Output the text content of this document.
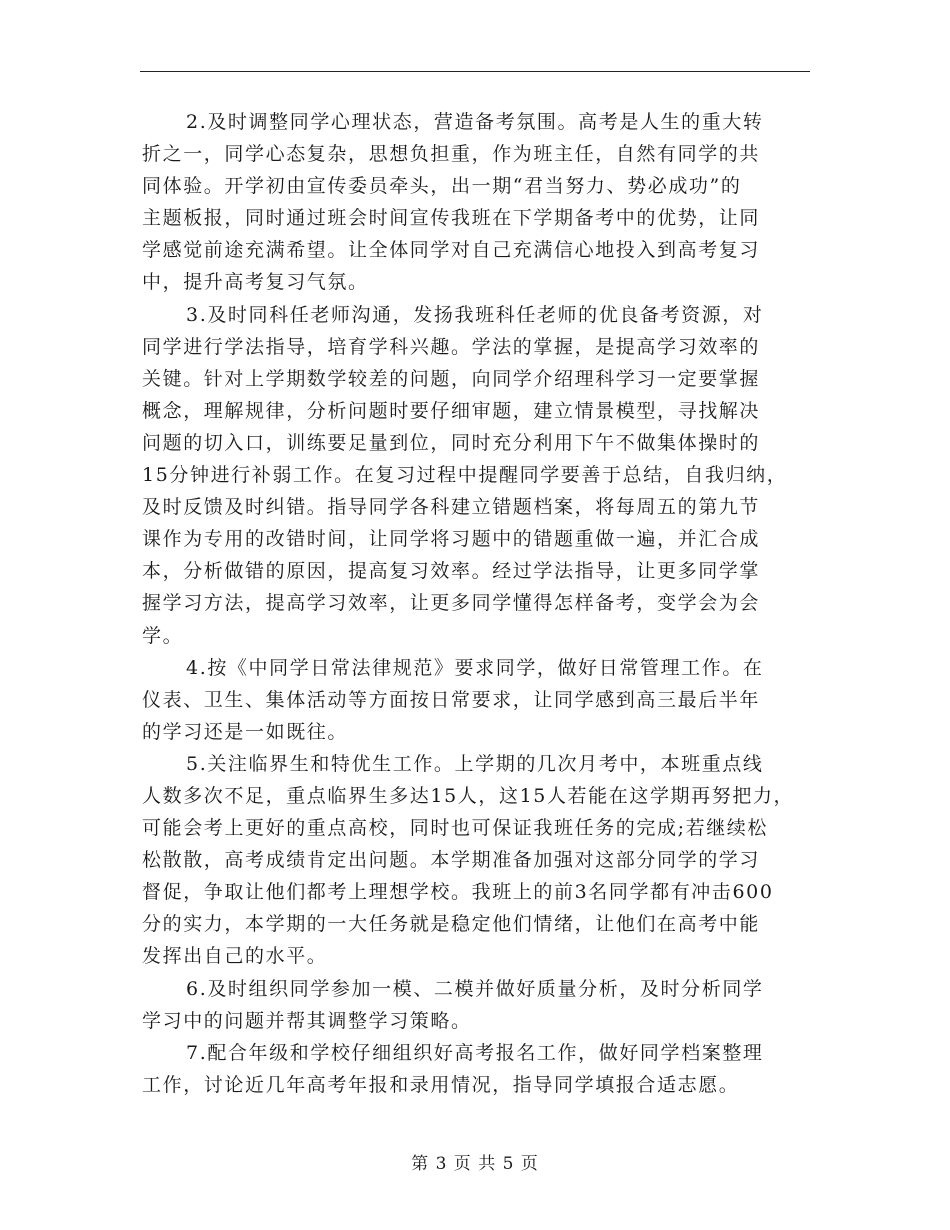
2.及时调整同学心理状态，营造备考氛围。高考是人生的重大转
折之一，同学心态复杂，思想负担重，作为班主任，自然有同学的共
同体验。开学初由宣传委员牵头，出一期“君当努力、势必成功”的
主题板报，同时通过班会时间宣传我班在下学期备考中的优势，让同
学感觉前途充满希望。让全体同学对自己充满信心地投入到高考复习
中，提升高考复习气氛。
3.及时同科任老师沟通，发扬我班科任老师的优良备考资源，对
同学进行学法指导，培育学科兴趣。学法的掌握，是提高学习效率的
关键。针对上学期数学较差的问题，向同学介绍理科学习一定要掌握
概念，理解规律，分析问题时要仔细审题，建立情景模型，寻找解决
问题的切入口，训练要足量到位，同时充分利用下午不做集体操时的
15分钟进行补弱工作。在复习过程中提醒同学要善于总结，自我归纳，
及时反馈及时纠错。指导同学各科建立错题档案，将每周五的第九节
课作为专用的改错时间，让同学将习题中的错题重做一遍，并汇合成
本，分析做错的原因，提高复习效率。经过学法指导，让更多同学掌
握学习方法，提高学习效率，让更多同学懂得怎样备考，变学会为会
学。
4.按《中同学日常法律规范》要求同学，做好日常管理工作。在
仪表、卫生、集体活动等方面按日常要求，让同学感到高三最后半年
的学习还是一如既往。
5.关注临界生和特优生工作。上学期的几次月考中，本班重点线
人数多次不足，重点临界生多达15人，这15人若能在这学期再努把力，
可能会考上更好的重点高校，同时也可保证我班任务的完成;若继续松
松散散，高考成绩肯定出问题。本学期准备加强对这部分同学的学习
督促，争取让他们都考上理想学校。我班上的前3名同学都有冲击600
分的实力，本学期的一大任务就是稳定他们情绪，让他们在高考中能
发挥出自己的水平。
6.及时组织同学参加一模、二模并做好质量分析，及时分析同学
学习中的问题并帮其调整学习策略。
7.配合年级和学校仔细组织好高考报名工作，做好同学档案整理
工作，讨论近几年高考年报和录用情况，指导同学填报合适志愿。
第 3 页 共 5 页
